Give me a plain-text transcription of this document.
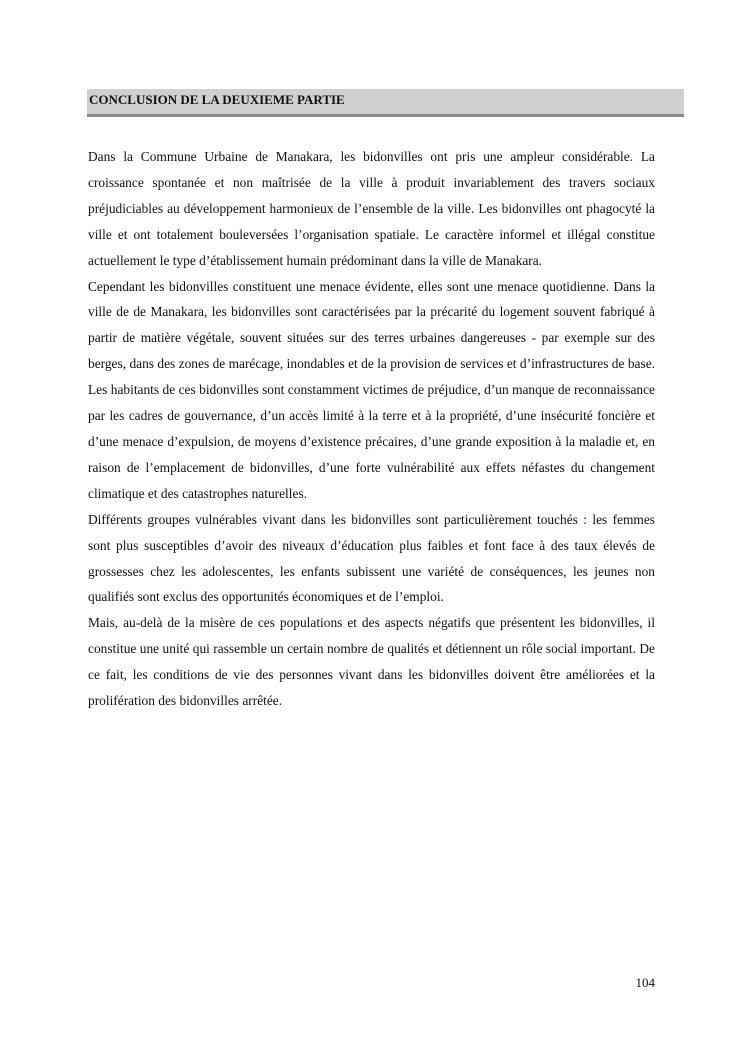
CONCLUSION DE LA DEUXIEME PARTIE

Dans la Commune Urbaine de Manakara, les bidonvilles ont pris une ampleur considérable. La croissance spontanée et non maîtrisée de la ville à produit invariablement des travers sociaux préjudiciables au développement harmonieux de l’ensemble de la ville. Les bidonvilles ont phagocyté la ville et ont totalement bouleversées l’organisation spatiale. Le caractère informel et illégal constitue actuellement le type d’établissement humain prédominant dans la ville de Manakara.

Cependant les bidonvilles constituent une menace évidente, elles sont une menace quotidienne. Dans la ville de de Manakara, les bidonvilles sont caractérisées par la précarité du logement souvent fabriqué à partir de matière végétale, souvent situées sur des terres urbaines dangereuses - par exemple sur des berges, dans des zones de marécage, inondables et de la provision de services et d’infrastructures de base. Les habitants de ces bidonvilles sont constamment victimes de préjudice, d’un manque de reconnaissance par les cadres de gouvernance, d’un accès limité à la terre et à la propriété, d’une insécurité foncière et d’une menace d’expulsion, de moyens d’existence précaires, d’une grande exposition à la maladie et, en raison de l’emplacement de bidonvilles, d’une forte vulnérabilité aux effets néfastes du changement climatique et des catastrophes naturelles.

Différents groupes vulnérables vivant dans les bidonvilles sont particulièrement touchés : les femmes sont plus susceptibles d’avoir des niveaux d’éducation plus faibles et font face à des taux élevés de grossesses chez les adolescentes, les enfants subissent une variété de conséquences, les jeunes non qualifiés sont exclus des opportunités économiques et de l’emploi.

Mais, au-delà de la misère de ces populations et des aspects négatifs que présentent les bidonvilles, il constitue une unité qui rassemble un certain nombre de qualités et détiennent un rôle social important. De ce fait, les conditions de vie des personnes vivant dans les bidonvilles doivent être améliorées et la prolifération des bidonvilles arrêtée.

104
